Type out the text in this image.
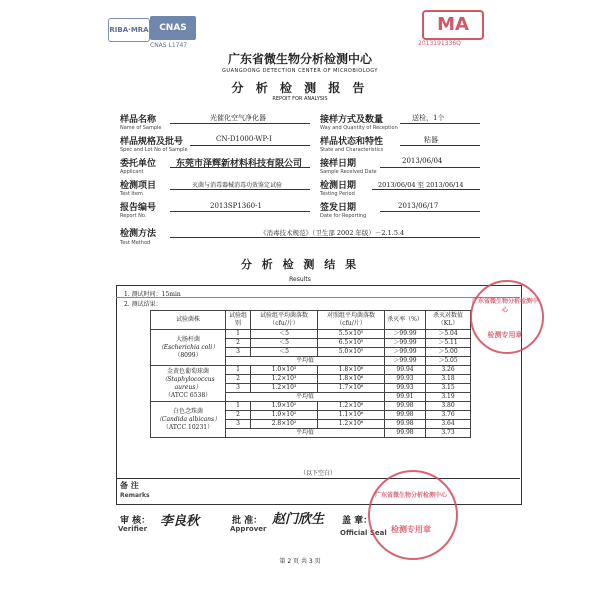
RIBA·MRA	CNAS
CNAS L1747
MA
2013191336Q
广东省微生物分析检测中心
GUANGDONG DETECTION CENTER OF MICROBIOLOGY
分 析 检 测 报 告
REPOIT FOR ANALYSIS
样品名称
Name of Sample
光催化空气净化器	接样方式及数量
Way and Quantity of Reception
送检，1个
样品规格及批号
Spec and Lot No of Sample
CN-D1000-WP-I	样品状态和特性
State and Characteristics
粘器
委托单位
Applicant
东莞市泽辉新材料科技有限公司 接样日期
Sample Received Date
2013/06/04
检测项目
Test Item
灭菌与消毒器械消毒功效鉴定试验	检测日期
Testing Period
2013/06/04 至 2013/06/14
报告编号
Report No.
2013SP1360-1	签发日期
Date for Reporting
2013/06/17
检测方法
Test Method
《消毒技术规范》（卫生部 2002 年版）－2.1.5.4
分 析 检 测 结 果
Results
1. 测试时间：15min
2. 测试结果：
试验菌株	试验组别	试验组平均菌落数（cfu/片）	对照组平均菌落数（cfu/片）	杀灭率（%）	杀灭对数值（KL）

大肠杆菌
（Escherichia coli）
（8099）	1	＜5	5.5×10⁵	＞99.99	＞5.04
	2	＜5	6.5×10⁵	＞99.99	＞5.11
	3	＜5	5.0×10⁵	＞99.99	＞5.00
	平均值			＞99.99	＞5.05

金黄色葡萄球菌
（Staphylococcus aureus）
（ATCC 6538）	1	1.0×10³	1.8×10⁶	99.94	3.26
	2	1.2×10³	1.8×10⁶	99.93	3.18
	3	1.2×10³	1.7×10⁶	99.93	3.15
	平均值			99.91	3.19

白色念珠菌
（Candida albicans）
（ATCC 10231）	1	1.9×10²	1.2×10⁶	99.98	3.80
	2	1.9×10²	1.1×10⁶	99.98	3.76
	3	2.8×10²	1.2×10⁶	99.98	3.64
	平均值			99.98	3.73
（以下空白）
备 注
Remarks
审 核：
Verifier 李良秋	批 准：
Approver
赵门欣生 盖 章：
Official Seal
广东省微生物分析检测中心
检测专用章
广东省微生物分析检测中心
检测专用章
第 2 页 共 3 页
